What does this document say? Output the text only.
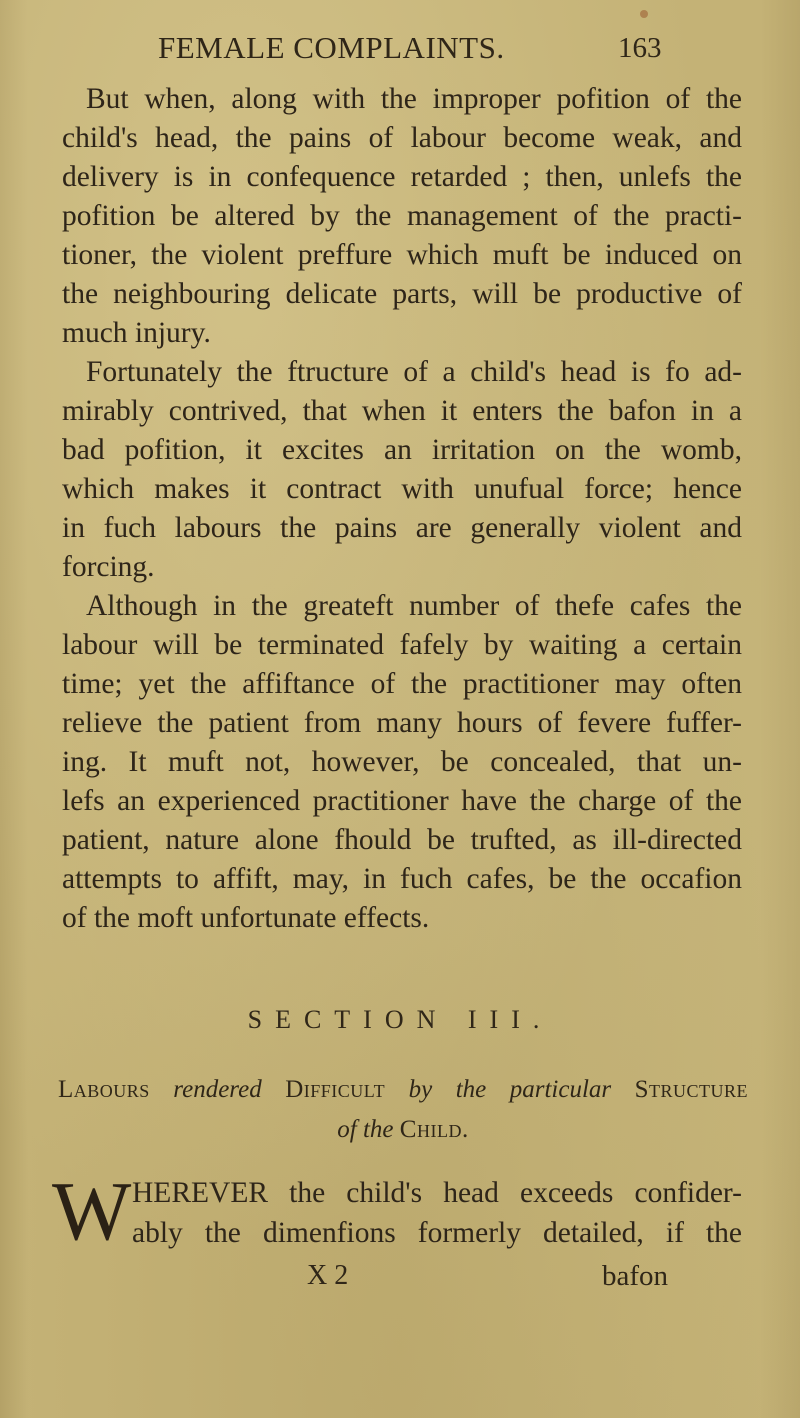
FEMALE COMPLAINTS.	163
But when, along with the improper pofition of the
child's head, the pains of labour become weak, and
delivery is in confequence retarded ; then, unlefs the
pofition be altered by the management of the practi-
tioner, the violent preffure which muft be induced on
the neighbouring delicate parts, will be productive of
much injury.
Fortunately the ftructure of a child's head is fo ad-
mirably contrived, that when it enters the bafon in a
bad pofition, it excites an irritation on the womb,
which makes it contract with unufual force; hence
in fuch labours the pains are generally violent and
forcing.
Although in the greateft number of thefe cafes the
labour will be terminated fafely by waiting a certain
time; yet the affiftance of the practitioner may often
relieve the patient from many hours of fevere fuffer-
ing. It muft not, however, be concealed, that un-
lefs an experienced practitioner have the charge of the
patient, nature alone fhould be trufted, as ill-directed
attempts to affift, may, in fuch cafes, be the occafion
of the moft unfortunate effects.
SECTION III.
Labours rendered Difficult by the particular Structure
of the Child.
W HEREVER the child's head exceeds confider-
ably the dimenfions formerly detailed, if the
X 2	bafon
